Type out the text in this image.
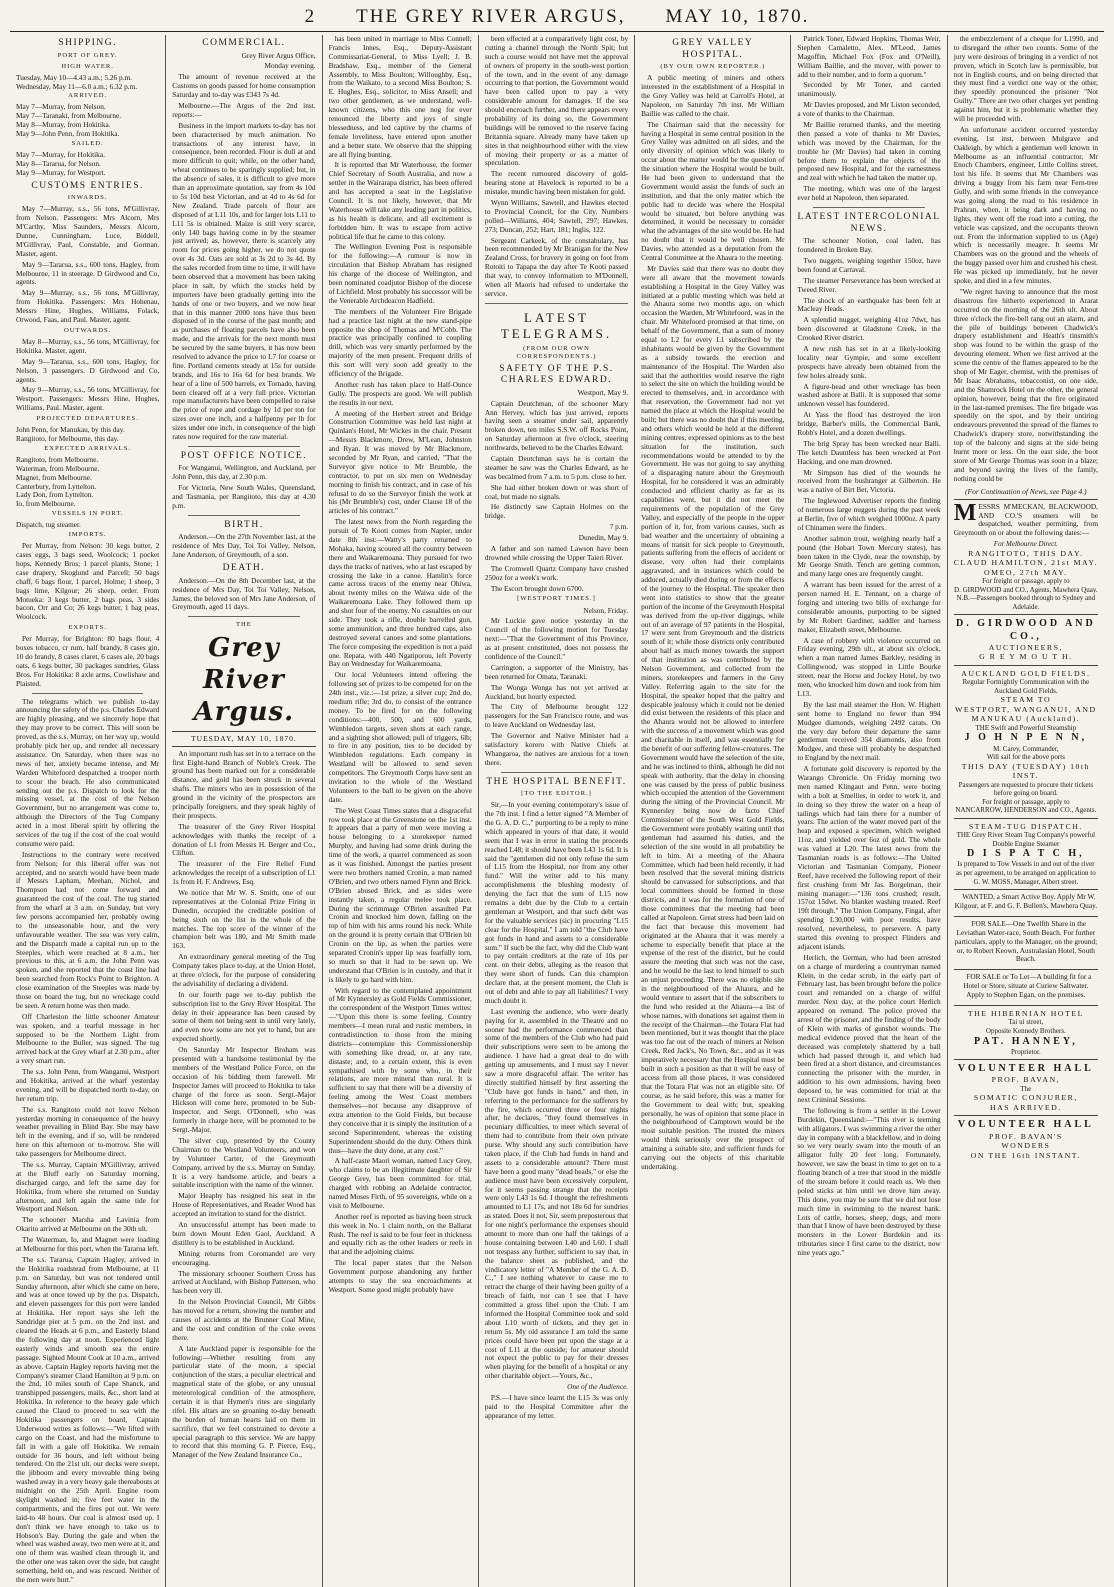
2 THE GREY RIVER ARGUS, MAY 10, 1870.
SHIPPING.
PORT OF GREY.
HIGH WATER.

Tuesday, May 10—4.43 a.m.; 5.26 p.m.

Wednesday, May 11—6.0 a.m.; 6.32 p.m.

ARRIVED.

May 7—Murray, from Nelson.

May 7—Taranaki, from Melbourne.

May 8—Murray, from Hokitika.

May 9—John Penn, from Hokitika.

SAILED.

May 7—Murray, for Hokitika.

May 8—Tararua, for Nelson.

May 9—Murray, for Westport.

CUSTOMS ENTRIES.
INWARDS.

May 7—Murray, s.s., 56 tons, M'Gillivray, from Nelson. Passengers: Mrs Alcorn, Mrs M'Carthy, Miss Saunders, Messrs Alcorn, Dunne, Cunningham, Luce, Biddell, M'Gillivray, Paul, Constable, and Gorman. Master, agent.

May 9—Tararua, s.s., 600 tons, Hagley, from Melbourne, 11 in steerage. D Girdwood and Co, agents.

May 9—Murray, s.s., 56 tons, M'Gillivray, from Hokitika. Passengers: Mrs Hohenau, Messrs Hine, Hughes, Williams, Folack, Orwood, Faas, and Paul. Master, agent.

OUTWARDS.

May 8—Murray, s.s., 56 tons, M'Gillivray, for Hokitika. Master, agent.

May 9—Tararua, s.s., 600 tons, Hagley, for Nelson, 3 passengers. D Girdwood and Co, agents.

May 9—Murray, s.s., 56 tons, M'Gillivray, for Westport. Passengers: Messrs Hine, Hughes, Williams, Paul. Master, agent.

PROJECTED DEPARTURES.

John Penn, for Manukau, by this day.

Rangitoto, for Melbourne, this day.

EXPECTED ARRIVALS.

Rangitoto, from Melbourne.

Waterman, from Melbourne.

Magnet, from Melbourne.

Canterbury, from Lyttelton.

Lady Don, from Lyttelton.

Io, from Melbourne.

VESSELS IN PORT.

Dispatch, tug steamer.

IMPORTS.

Per Murray, from Nelson: 30 kegs butter, 2 cases eggs, 3 bags seed, Woolcock; 1 pocket hops, Kennedy Bros; 1 parcel plants, Stone; 1 case drapery, Skoglund and Parcell; 50 bags chaff, 6 bags flour, 1 parcel, Holme; 1 sheep, 3 bags lime, Kilgour; 26 sheep, order. From Motueka: 3 kegs butter, 2 bags peas, 3 sides bacon, Orr and Co; 26 kegs butter, 1 bag peas, Woolcock.

EXPORTS.

Per Murray, for Brighton: 80 bags flour, 4 boxes tobacco, cr rum, half brandy, 8 cases gin, 10 do brandy, 8 cases claret, 6 cases ale, 20 bags oats, 6 kegs butter, 30 packages sundries, Glass Bros. For Hokitika: 8 axle arms, Cowlishaw and Plaisted.

The telegrams which we publish to-day announcing the safety of the p.s. Charles Edward are highly pleasing, and we sincerely hope that they may prove to be correct. This will soon be proved, as the s.s. Murray, on her way up, would probably pick her up, and render all necessary assistance. On Saturday, when there was no news of her, anxiety became intense, and Mr Warden Whitefoord despatched a trooper north to scour the beach. He also communicated sending out the p.s. Dispatch to look for the missing vessel, at the cost of the Nelson Government, but no arrangement was come to, although the Directors of the Tug Company acted in a most liberal spirit by offering the services of the tug if the cost of the coal would consume were paid.

Instructions to the contrary were received from Nelson; for this liberal offer was not accepted, and no search would have been made if Messrs Lapham, Meehan, Nichol, and Thompson had not come forward and guaranteed the cost of the coal. The tug started from the wharf at 3 a.m. on Sunday, but very few persons accompanied her, probably owing to the unseasonable hour, and the very unfavourable weather. The sea was very calm, and the Dispatch made a capital run up to the Steeples, which were reached at 8 a.m., her previous to this, at 6 a.m. the John Penn was spoken, and she reported that the coast line had been searched from Rock's Point to Brighton. A close examination of the Steeples was made by those on board the tug, but no wreckage could be seen. A return home was then made.

Off Charleston the little schooner Amateur was spoken, and a tearful message in her supposed to be the Northern Light from Melbourne to the Buller, was signed. The tug arrived back at the Grey wharf at 2.30 p.m., after a very smart run.

The s.s. John Penn, from Wanganui, Westport and Hokitika, arrived at the wharf yesterday evening, and will be dispatched north to-day, on her return trip.

The s.s. Rangitoto could not leave Nelson yesterday morning in consequence of the heavy weather prevailing in Blind Bay. She may have left in the evening, and if so, will be rendered here on this afternoon or to-morrow. She will take passengers for Melbourne direct.

The s.s. Murray, Captain M'Gillivray, arrived at the Bluff early on Saturday morning, discharged cargo, and left the same day for Hokitika, from where she returned on Sunday afternoon, and left again the same tide for Westport and Nelson.

The schooner Marsha and Lavinia from Okarito arrived at Melbourne on the 30th ult.

The Waterman, Io, and Magnet were loading at Melbourne for this port, when the Tararua left.

The s.s. Tararua, Captain Hagley, arrived in the Hokitika roadstead from Melbourne, at 11 p.m. on Saturday, but was not tendered until Sunday afternoon, after which she came on here, and was at once towed up by the p.s. Dispatch, and eleven passengers for this port were landed at Hokitika. Her report says she left the Sandridge pier at 5 p.m. on the 2nd inst. and cleared the Heads at 6 p.m., and Easterly Island the following day at noon. Experienced light easterly winds and smooth sea the entire passage. Sighted Mount Cook at 10 a.m., arrived as above. Captain Hagley reports having met the Company's steamer Claud Hamilton at 9 p.m. on the 2nd, 10 miles south of Cape Shanck, and transhipped passengers, mails, &c., short land at Hokitika. In reference to the heavy gale which caused the Claud to proceed to sea with the Hokitika passengers on board, Captain Underwood writes as follows:—"We lifted with cargo on the Coast, and had the misfortune to fall in with a gale off Hokitika. We remain outside for 36 hours, and left without being tendered. On the 21st ult. our decks were swept, the jibboom and every moveable thing being washed away in a very heavy gale thereabouts at midnight on the 25th April. Engine room skylight washed in; five feet water in the compartments, and the fires put out. We were laid-to 48 hours. Our coal is almost used up. I don't think we have enough to take us to Hobson's Bay. During the gale and when the wheel was washed away, two men were at it, and one of them was washed clean through it, and the other one was taken over the side, but caught something, held on, and was rescued. Neither of the men were hurt."

COMMERCIAL.

Grey River Argus Office,

Monday evening.

The amount of revenue received at the Customs on goods passed for home consumption Saturday and to-day was £343 7s 4d.

Melbourne.—The Argus of the 2nd inst. reports:—

Business in the import markets to-day has not been characterised by much animation. No transactions of any interest have, in consequence, been recorded. Flour is dull at and more difficult to quit; while, on the other hand, wheat continues to be sparingly supplied; but, in the absence of sales, it is difficult to give more than an approximate quotation, say from 4s 10d to 5s 10d best Victorian, and at 4d to 4s 6d for New Zealand. Trade parcels of flour are disposed of at L11 10s, and for larger lots L11 to L11 5s is obtained. Maize is still very scarce, only 140 bags having come in by the steamer just arrived; as, however, there is scarcely any room for prices going higher, we do not quote over 4s 3d. Oats are sold at 3s 2d to 3s 4d. By the sales recorded from time to time, it will have been observed that a movement has been taking place in salt, by which the stocks held by importers have been gradually getting into the hands of one or two buyers, and we now hear that in this manner 2000 tons have thus been disposed of in the course of the past month; and as purchases of floating parcels have also been made, and the arrivals for the next month must be secured by the same buyers, it has now been resolved to advance the price to L7 for coarse or fine. Portland cements steady at 15s for outside brands, and 16s to 16s 6d for best brands. We hear of a line of 500 barrels, ex Tornado, having been cleared off at a very full price. Victorian rope manufacturers have been compelled to raise the price of rope and cordage by 1d per ton for sizes over one inch, and a halfpenny per lb for sizes under one inch, in consequence of the high rates now required for the raw material.

POST OFFICE NOTICE.

For Wanganui, Wellington, and Auckland, per John Penn, this day, at 2.30 p.m.

For Victoria, New South Wales, Queensland, and Tasmania, per Rangitoto, this day at 4.30 p.m.

BIRTH.

Anderson.—On the 27th November last, at the residence of Mrs Day, Toi Toi Valley, Nelson, Jane Anderson, of Greymouth, of a son.

DEATH.

Anderson.—On the 8th December last, at the residence of Mrs Day, Toi Toi Valley, Nelson, James, the beloved son of Mrs Jane Anderson, of Greymouth, aged 11 days.

THE
Grey River Argus.
TUESDAY, MAY 10, 1870.

An important rush has set in to a terrace on the first Eight-hand Branch of Noble's Creek. The ground has been marked out for a considerable distance, and gold has been struck in several shafts. The miners who are in possession of the ground in the vicinity of the prospectors are principally foreigners, and they speak highly of their prospects.

The treasurer of the Grey River Hospital acknowledges with thanks the receipt of a donation of L1 from Messrs H. Berger and Co., Clifton.

The treasurer of the Fire Relief Fund acknowledges the receipt of a subscription of L1 1s from H. F. Andrews, Esq.

We notice that Mr W. S. Smith, one of our representatives at the Colonial Prize Firing in Dunedin, occupied the creditable position of being sixth on the list in the whole of the matches. The top score of the winner of the champion belt was 180, and Mr Smith made 163.

An extraordinary general meeting of the Tug Company takes place to-day, at the Union Hotel, at three o'clock, for the purpose of considering the advisability of declaring a dividend.

In our fourth page we to-day publish the subscription list to the Grey River Hospital. The delay in their appearance has been caused by some of them not being sent in until very lately, and even now some are not yet to hand, but are expected shortly.

On Saturday Mr Inspector Broham was presented with a handsome testimonial by the members of the Westland Police Force, on the occasion of his bidding them farewell. Mr Inspector James will proceed to Hokitika to take charge of the force as soon. Sergt.-Major Hickson will come here, promoted to be Sub-Inspector, and Sergt. O'Donnell, who was formerly in charge here, will be promoted to be Sergt.-Major.

The silver cup, presented by the County Chairman to the Westland Volunteers, and won by Volunteer Carter, of the Greymouth Company, arrived by the s.s. Murray on Sunday. It is a very handsome article, and bears a suitable inscription with the name of the winner.

Major Heaphy has resigned his seat in the House of Representatives, and Reader Wood has accepted an invitation to stand for the district.

An unsuccessful attempt has been made to burn down Mount Eden Gaol, Auckland. A distillery is to be established in Auckland.

Mining returns from Coromandel are very encouraging.

The missionary schooner Southern Cross has arrived at Auckland, with Bishop Patterson, who has been very ill.

In the Nelson Provincial Council, Mr Gibbs has moved for a return, showing the number and causes of accidents at the Brunner Coal Mine, and the cost and condition of the coke ovens there.

A late Auckland paper is responsible for the following:—Whether resulting from any particular state of the moon, a special conjunction of the stars, a peculiar electrical and magnetical state of the globe, or any unusual meteorological condition of the atmosphere, certain it is that Hymen's rites are singularly rifel. His altars are so groaning to-day beneath the burden of human hearts laid on them in sacrifice, that we feel constrained to devote a special paragraph to this service. We are happy to record that this morning G. P. Pierce, Esq., Manager of the New Zealand Insurance Co.,

has been united in marriage to Miss Connell; Francis Innes, Esq., Deputy-Assistant Commissariat-General, to Miss Lyell; J. B. Bradshaw, Esq., member of the General Assembly, to Miss Boulton; Willoughby, Esq., from the Waikato, to a second Miss Boulton; S. E. Hughes, Esq., solicitor, to Miss Ansell; and two other gentlemen, as we understand, well-known citizens, who this one nog for ever renounced the liberty and joys of single blessedness, and led captive by the charms of female loveliness, have entered upon another and a better state. We observe that the shipping are all flying bunting.

It is reported that Mr Waterhouse, the former Chief Secretary of South Australia, and now a settler in the Wairarapa district, has been offered and has accepted a seat in the Legislative Council. It is not likely, however, that Mr Waterhouse will take any leading part in politics, as his health is delicate, and all excitement is forbidden him. It was to escape from active political life that he came to this colony.

The Wellington Evening Post is responsible for the following:—A rumour is now in circulation that Bishop Abraham has resigned his charge of the diocese of Wellington, and been nominated coadjutor Bishop of the diocese of Lichfield. Most probably his successor will be the Venerable Archdeacon Hadfield.

The members of the Volunteer Fire Brigade had a practice last night at the new stand-pipe opposite the shop of Thomas and M'Cobb. The practice was principally confined to coupling drill, which was very smartly performed by the majority of the men present. Frequent drills of this sort will very soon add greatly to the efficiency of the Brigade.

Another rush has taken place to Half-Ounce Gully. The prospects are good. We will publish the results in our next.

A meeting of the Herbert street and Bridge Construction Committee was held last night at Quinlan's Hotel, Mr Wickes in the chair. Present—Messrs Blackmore, Drew, M'Lean, Johnston and Ryan. It was moved by Mr Blackmore, seconded by Mr Ryan, and carried, "That the Surveyor give notice to Mr Brumble, the contractor, to put on six men on Wednesday morning to finish his contract, and in case of his refusal to do so the Surveyor finish the work at his (Mr Brumble's) cost, under Clause 18 of the articles of his contract."

The latest news from the North regarding the pursuit of Te Kooti comes from Napier, under date 8th inst:—Watty's party returned to Mohaka, having scoured all the country between there and Waikaremoana. They pursued for two days the tracks of natives, who at last escaped by crossing the lake in a canoe. Hamlin's force came across traces of the enemy near Ohiwa, about twenty miles on the Waiwa side of the Waikaremoana Lake. They followed them up and shot four of the enemy. No casualties on our side. They took a rifle, double barrelled gun, some ammunition, and three hundred caps, also destroyed several canoes and some plantations. The force composing the expedition is not a paid one. Repata, with 440 Ngatiporou, left Poverty Bay on Wednesday for Waikaremoana.

Our local Volunteers intend offering the following set of prizes to be competed for on the 24th inst., viz.:—1st prize, a silver cup; 2nd do, medium rifle; 3rd do, to consist of the entrance money. To be fired for on the following conditions:—400, 500, and 600 yards, Wimbledon targets, seven shots at each range, and a sighting shot allowed; pull of triggers, 6lb; to fire in any position, ties to be decided by Wimbledon regulations. Each company in Westland will be allowed to send seven competitors. The Greymouth Corps have sent an invitation to the whole of the Westland Volunteers to the ball to be given on the above date.

The West Coast Times states that a disgraceful row took place at the Greenstone on the 1st inst. It appears that a party of men were moving a house belonging to a storekeeper named Murphy, and having had some drink during the time of the work, a quarrel commenced as soon as it was finished. Amongst the parties present were two brothers named Cronin, a man named O'Brien, and two others named Flynn and Brick. O'Brien abused Brick, and as sides were instantly taken, a regular melee took place. During the scrimmage O'Brien assaulted Pat Cronin and knocked him down, falling on the top of him with his arms round his neck. While on the ground it is pretty certain that O'Brien bit Cronin on the lip, as when the parties were separated Cronin's upper lip was fearfully torn, so much so that it had to be sewn up. We understand that O'Brien is in custody, and that it is likely to go hard with him.

With regard to the contemplated appointment of Mr Kynnersley as Gold Fields Commissioner, the correspondent of the Westport Times writes:—"Upon this there is some feeling. Country members—I mean rural and rustic members, in contradistinction to those from the mining districts—contemplate this Commissionership with something like dread, or, at any rate, distaste; and, to a certain extent, this is even sympathised with by some who, in their relations, are more mineral than rural. It is sufficient to say that there will be a diversity of feeling among the West Coast members themselves—not because any disapprove of extra attention to the Gold Fields, but because they conceive that it is simply the institution of a second Superintendent, whereas the existing Superintendent should do the duty. Others think thus—have the duty done, at any cost."

A half-caste Maori woman, named Lucy Grey, who claims to be an illegitimate daughter of Sir George Grey, has been committed for trial, charged with robbing an Adelaide contractor, named Moses Firth, of 95 sovereigns, while on a visit to Melbourne.

Another reef is reported as having been struck this week in No. 1 claim north, on the Ballarat Rush. The reef is said to be four feet in thickness and equally rich as the other leaders or reefs in that and the adjoining claims.

The local paper states that the Nelson Government purpose abandoning any further attempts to stay the sea encroachments at Westport. Some good might probably have

been effected at a comparatively light cost, by cutting a channel through the North Spit; but such a course would not have met the approval of owners of property in the south-west portion of the town, and in the event of any damage occurring to that portion, the Government would have been called upon to pay a very considerable amount for damages. If the sea should encroach further, and there appears every probability of its doing so, the Government buildings will be removed to the reserve facing Britannia square. Already many have taken up sites in that neighbourhood either with the view of moving their property or as a matter of speculation.

The recent rumoured discovery of gold-bearing stone at Havelock is reported to be a mistake, mundic having been mistaken for gold.

Wynn Williams, Sawtell, and Hawkes elected to Provincial Council, for the City. Numbers polled—Williams, 404; Sawtell, 297; Hawkes, 273; Duncan, 252; Hart, 181; Inglis, 122.

Sergeant Carkeek, of the constabulary, has been recommended by Mr Branigan for the New Zealand Cross, for bravery in going on foot from Rotoiti to Tapapa the day after Te Kooti passed that way, to convey information to M'Donnell, when all Maoris had refused to undertake the service.

LATEST TELEGRAMS.
(FROM OUR OWN CORRESPONDENTS.)
SAFETY OF THE P.S. CHARLES EDWARD.

Westport, May 9.

Captain Deutchman, of the schooner Mary Ann Hervey, which has just arrived, reports having seen a steamer under sail, apparently broken down, ten miles S.S.W. off Rocks Point, on Saturday afternoon at five o'clock, steering northwards, believed to be the Charles Edward.

Captain Deutchman says he is certain the steamer he saw was the Charles Edward, as he was becalmed from 7 a.m. to 5 p.m. close to her.

She had either broken down or was short of coal, but made no signals.

He distinctly saw Captain Holmes on the bridge.

7 p.m.

Dunedin, May 9.

A father and son named Lawson have been drowned while crossing the Upper Taieri River.

The Cromwell Quartz Company have crushed 250oz for a week's work.

The Escort brought down 6700.

[WESTPORT TIMES.]

Nelson, Friday.

Mr Luckie gave notice yesterday in the Council of the following motion for Tuesday next:—"That the Government of this Province, as at present constituted, does not possess the confidence of the Council."

Carrington, a supporter of the Ministry, has been returned for Omata, Taranaki.

The Wonga Wonga has not yet arrived at Auckland, but hourly expected.

The City of Melbourne brought 122 passengers for the San Francisco route, and was to leave Auckland on Wednesday last.

The Governor and Native Minister had a satisfactory korero with Native Chiefs at Whangaroa, the natives are anxious for a town there.

THE HOSPITAL BENEFIT.
[TO THE EDITOR.]

Sir,—In your evening contemporary's issue of the 7th inst. I find a letter signed "A Member of the G. A. D. C.," purporting to be a reply to mine which appeared in yours of that date, it would seem that I was in error in stating the proceeds reached L48; it should have been L43 1s 6d. It is said the "gentlemen did not only refuse the sum of L15 from the Hospital, nor from any other fund." Will the writer add to his many accomplishments the blushing modesty of denying the fact that the sum of L15 now remains a debt due by the Club to a certain gentleman at Westport, and that such debt was for the valuable services (sic) in procuring "L15 clear for the Hospital." I am told "the Club have got funds in hand and assets to a considerable sum." If such be the fact, why did the Club want to pay certain creditors at the rate of 10s per cent. on their debts, alleging as the reason that they were short of funds. Can this champion declare that, at the present moment, the Club is out of debt and able to pay all liabilities? I very much doubt it.

Last evening the audience, who were dearly paying for it, assembled in the Theatre and no sooner had the performance commenced than some of the members of the Club who had paid their subscriptions were seen to be among the audience. I have had a great deal to do with getting up amusements, and I must say I never saw a more disgraceful affair. The writer has directly stultified himself by first asserting the "Club have got funds in hand," and then, in referring to the performance for the sufferers by the fire, which occurred three or four nights after, he declares, "they found themselves in pecuniary difficulties, to meet which several of them had to contribute from their own private purse. Why should any such contribution have taken place, if the Club had funds in hand and assets to a considerable amount? There must have been a good many "dead heads," or else the audience must have been excessively corpulent, for it seems passing strange that the receipts were only L43 1s 6d. I thought the refreshments amounted to L1 17s, and not 18s 6d for sundries as stated. Does it not, Sir, seem preposterous that for one night's performance the expenses should amount to more than one half the takings of a house containing between L40 and L60. I shall not trespass any further, sufficient to say that, in the balance sheet as published, and the vindicatory letter of "A Member of the G. A. D. C.," I see nothing whatever to cause me to retract the charge of their having been guilty of a breach of faith, nor can I see that I have committed a gross libel upon the Club. I am informed the Hospital Committee took and sold about L10 worth of tickets, and they get in return 5s. My old assurance I am told the same prices could have been put upon the stage at a cost of L11 at the outside; for amateur should not expect the public to pay for their dresses when playing for the benefit of a hospital or any other charitable object.—Yours, &c.,

One of the Audience.

P.S.—I have since learnt the L15 3s was only paid to the Hospital Committee after the appearance of my letter.

GREY VALLEY HOSPITAL.
(BY OUR OWN REPORTER.)

A public meeting of miners and others interested in the establishment of a Hospital in the Grey Valley was held at Carroll's Hotel, at Napoleon, on Saturday 7th inst. Mr William Baillie was called to the chair.

The Chairman said that the necessity for having a Hospital in some central position in the Grey Valley was admitted on all sides, and the only diversity of opinion which was likely to occur about the matter would be the question of the situation where the Hospital would be built. He had been given to understand that the Government would assist the funds of such an institution, and that the only matter which the public had to decide was where the Hospital would be situated, but before anything was determined, it would be necessary to consider what the advantages of the site would be. He had no doubt that it would be well chosen. Mr Davies, who attended as a deputation from the Central Committee at the Ahaura to the meeting.

Mr Davies said that there was no doubt they were all aware that the movement towards establishing a Hospital in the Grey Valley was initiated at a public meeting which was held at the Ahaura some two months ago, on which occasion the Warden, Mr Whitefoord, was in the chair. Mr Whitefoord promised at that time, on behalf of the Government, that a sum of money equal to L2 for every L1 subscribed by the inhabitants would be given by the Government as a subsidy towards the erection and maintenance of the Hospital. The Warden also said that the authorities would reserve the right to select the site on which the building would be erected to themselves, and, in accordance with that reservation, the Government had not yet named the place at which the Hospital would be built; but there was no doubt that if this meeting, and others which would be held at the different mining centres, expressed opinions as to the best situation for the institution, such recommendations would be attended to by the Government. He was not going to say anything of a disparaging nature about the Greymouth Hospital, for he considered it was an admirably conducted and efficient charity as far as its capabilities went, but it did not meet the requirements of the population of the Grey Valley, and especially of the people in the upper portion of it, for, from various causes, such as bad weather and the uncertainty of obtaining a means of transit for sick people to Greymouth, patients suffering from the effects of accident or disease, very often had their complaints aggravated, and in instances which could be adduced, actually died during or from the effects of the journey to the Hospital. The speaker then went into statistics to show that the greater portion of the income of the Greymouth Hospital was derived from the up-river diggings, while out of an average of 97 patients in the Hospital, 17 were sent from Greymouth and the districts south of it; while those districts only contributed about half as much money towards the support of that institution as was contributed by the Nelson Government, and collected from the miners, storekeepers and farmers in the Grey Valley. Referring again to the site for the Hospital, the speaker hoped that the paltry and despicable jealousy which it could not be denied did exist between the residents of this place and the Ahaura would not be allowed to interfere with the success of a movement which was good and charitable in itself, and was essentially for the benefit of our suffering fellow-creatures. The Government would have the selection of the site, and he was inclined to think, although he did not speak with authority, that the delay in choosing one was caused by the press of public business which occupied the attention of the Government during the sitting of the Provincial Council. Mr Kynnersley being now de facto Chief Commissioner of the South West Gold Fields, the Government were probably waiting until that gentleman had assumed his duties, and the selection of the site would in all probability be left to him. At a meeting of the Ahaura Committee, which had been held recently, it had been resolved that the several mining districts should be canvassed for subscriptions, and that local committees should be formed in those districts, and it was for the formation of one of those committees that the meeting had been called at Napoleon. Great stress had been laid on the fact that because this movement had originated at the Ahaura that it was merely a scheme to especially benefit that place at the expense of the rest of the district, but he could assure the meeting that such was not the case, and he would be the last to lend himself to such an unjust proceeding. There was no eligible site in the neighbourhood of the Ahaura, and he would venture to assert that if the subscribers to the fund who resided at the Ahaura—a list of whose names, with donations set against them in the receipt of the Chairman—the Totara Flat had been mentioned, but it was thought that the place was too far out of the reach of miners at Nelson Creek, Red Jack's, No Town, &c., and as it was imperatively necessary that the Hospital must be built in such a position as that it will be easy of access from all those places, it was considered that the Totara Flat was not an eligible site. Of course, as he said before, this was a matter for the Government to deal with; but, speaking personally, he was of opinion that some place in the neighbourhood of Camptown would be the most suitable position. The trusted the miners would think seriously over the prospect of attaining a suitable site, and sufficient funds for carrying out the objects of this charitable undertaking.

Patrick Toner, Edward Hopkins, Thomas Weir, Stephen Camaletto, Alex. M'Leod, James Magoffin, Michael Fox (Fox and O'Neill), William Baillie, and the mover, with power to add to their number, and to form a quorum."

Seconded by Mr Toner, and carried unanimously.

Mr Davies proposed, and Mr Liston seconded, a vote of thanks to the Chairman.

Mr Baillie returned thanks, and the meeting then passed a vote of thanks to Mr Davies, which was moved by the Chairman, for the trouble he (Mr Davies) had taken in coming before them to explain the objects of the proposed new Hospital, and for the earnestness and zeal with which he had taken the matter up.

The meeting, which was one of the largest ever held at Napoleon, then separated.

LATEST INTERCOLONIAL NEWS.

The schooner Notion, coal laden, has foundered in Broken Bay.

Two nuggets, weighing together 150oz, have been found at Carraval.

The steamer Perseverance has been wrecked at Tweed River.

The shock of an earthquake has been felt at Macleay Heads.

A splendid nugget, weighing 41oz 7dwt, has been discovered at Gladstone Creek, in the Crooked River district.

A new rush has set in at a likely-looking locality near Gympie, and some excellent prospects have already been obtained from the few holes already sunk.

A figure-head and other wreckage has been washed ashore at Balli. It is supposed that some unknown vessel has foundered.

At Yass the flood has destroyed the iron bridge, Barber's mills, the Commercial Bank, Robb's Hotel, and a dozen dwellings.

The brig Spray has been wrecked near Balli. The ketch Dauntless has been wrecked at Port Hacking, and one man drowned.

Mr Simpson has died of the wounds he received from the bushranger at Gilberton. He was a native of Birt Bet, Victoria.

The Inglewood Advertiser reports the finding of numerous large nuggets during the past week at Berlin, five of which weighed 1000oz. A party of Chinamen were the finders.

Another salmon trout, weighing nearly half a pound (the Hobart Town Mercury states), has been taken in the Clyde, near the township, by Mr George Smith. Tench are getting common, and many large ones are frequently caught.

A warrant has been issued for the arrest of a person named H. E. Tennant, on a charge of forging and uttering two bills of exchange for considerable amounts, purporting to be signed by Mr Robert Gardiner, saddler and harness maker, Elizabeth street, Melbourne.

A case of robbery with violence occurred on Friday evening, 29th ult., at about six o'clock, when a man named James Barkley, residing in Collingwood, was stopped in Little Bourke street, near the Horse and Jockey Hotel, by two men, who knocked him down and took from him L13.

By the last mail steamer the Hon. W. Highett sent home to England no fewer than 994 Mudgee diamonds, weighing 2492 carats. On the very day before their departure the same gentleman received 354 diamonds, also from Mudgee, and these will probably be despatched to England by the next mail.

A fortunate gold discovery is reported by the Warango Chronicle. On Friday morning two men named Klingaut and Penn, were boring with a bolt at Smellies, in order to work it, and in doing so they threw the water on a heap of tailings which had lain there for a number of years. The action of the water moved part of the heap and exposed a specimen, which weighed 11oz, and yielded over 6oz of gold. The whole was valued at L20. The latest news from the Tasmanian roads is as follows:—The United Victorian and Tasmanian Company, Pioneer Reef, have received the following report of their first crushing from Mr Jas. Borgelman, their mining manager:—"136 tons crushed; result, 157oz 15dwt. No blanket washing treated. Reef 19ft through." The Union Company, Fingal, after spending L30,000 with poor results, have resolved, nevertheless, to persevere. A party started this evening to prospect Flinders and adjacent islands.

Herlich, the German, who had been arrested on a charge of murdering a countryman named Klein, in the cedar scrub, in the early part of February last, has been brought before the police court and remanded on a charge of wilful murder. Next day, at the police court Herlich appeared on remand. The police proved the arrest of the prisoner, and the finding of the body of Klein with marks of gunshot wounds. The medical evidence proved that the heart of the deceased was completely shattered by a ball which had passed through it, and which had been fired at a short distance, and circumstances connecting the prisoner with the murder, in addition to his own admissions, having been deposed to, he was committed for trial at the next Criminal Sessions.

The following is from a settler in the Lower Burdekin, Queensland:—"This river is teeming with alligators. I was swimming a river the other day in company with a blackfellow, and in doing so we very nearly swam into the mouth of an alligator fully 20 feet long. Fortunately, however, we saw the beast in time to get on to a floating branch of a tree that stood in the middle of the stream before it could reach us. We then poled sticks at him until we drove him away. This done, you may be sure that we did not lose much time in swimming to the nearest bank. Lots of cattle, horses, sheep, dogs, and more than that I know of have been destroyed by these monsters in the Lower Burdekin and its tributaries since I first came to the district, now nine years ago."

the embezzlement of a cheque for L1990, and to disregard the other two counts. Some of the jury were desirous of bringing in a verdict of not proven, which in Scotch law is permissible, but not in English courts, and on being directed that they must find a verdict one way or the other, they speedily pronounced the prisoner "Not Guilty." There are two other charges yet pending against him, but it is problematic whether they will be proceeded with.

An unfortunate accident occurred yesterday evening, 1st inst, between Mulgrave and Oakleigh, by which a gentleman well known in Melbourne as an influential contractor, Mr Enoch Chambers, engineer, Little Collins street, lost his life. It seems that Mr Chambers was driving a buggy from his farm near Fern-tree Gully, and with some friends in the conveyance was going along the road to his residence in Prahran, when, it being dark and having no lights, they went off the road into a cutting, the vehicle was capsized, and the occupants thrown out. From the information supplied to us (Age) which is necessarily meagre. It seems Mr Chambers was on the ground and the wheels of the buggy passed over him and crushed his chest. He was picked up immediately, but he never spoke, and died in a few minutes.

"We regret having to announce that the most disastrous fire hitherto experienced in Ararat occurred on the morning of the 26th ult. About three o'clock the fire-bell rang out an alarm, and the pile of buildings between Chadwick's drapery establishment and Heath's tinsmith's shop was found to be within the grasp of the devouring element. When we first arrived at the scene the centre of the flames appeared to be the shop of Mr Eager, chemist, with the premises of Mr Isaac Abrahams, tobacconist, on one side, and the Shamrock Hotel on the other, the general opinion, however, being that the fire originated in the last-named premises. The fire brigade was speedily on the spot, and by their untiring endeavours prevented the spread of the flames to Chadwick's drapery store, notwithstanding the top of the balcony and signs at the side being burnt more or less. On the east side, the boot store of Mr George Thomas was soon in a blaze; and beyond saving the lives of the family, nothing could be

(For Continuation of News, see Page 4.)

MESSRS M'MECKAN, BLACKWOOD, AND CO.'S steamers will be despatched, weather permitting, from Greymouth on or about the following dates:—

For Melbourne Direct.
RANGITOTO, THIS DAY.
CLAUD HAMILTON, 21st MAY.
OMEO, 27th MAY.
For freight or passage, apply to
D. GIRDWOOD and CO., Agents, Mawhera Quay.
N.B.—Passengers booked through to Sydney and Adelaide.
D. GIRDWOOD AND CO.,
AUCTIONEERS,
G R E Y M O U T H.
AUCKLAND GOLD FIELDS.
Regular Fortnightly Communication with the Auckland Gold Fields.
STEAM TO
WESTPORT, WANGANUI, AND MANUKAU (Auckland).
THE Swift and Powerful Steamship
J O H N P E N N,
M. Carey, Commander,
Will sail for the above ports
THIS DAY (TUESDAY) 10th INST.
Passengers are requested to procure their tickets before going on board.
For freight or passage, apply to
NANCARROW, HENDERSON and CO., Agents.
STEAM-TUG DISPATCH.
THE Grey River Steam Tug Company's powerful Double Engine Steamer
D I S P A T C H,
Is prepared to Tow Vessels in and out of the river as per agreement, to be arranged on application to
G. W. MOSS, Manager, Albert street.

WANTED, a Smart Active Boy. Apply Mr W. Kilgour, at F. and G. F. Bullen's, Mawhera Quay.

FOR SALE—One Twelfth Share in the Leviathan Water-race, South Beach. For further particulars, apply to the Manager, on the ground; or, to Robert Keown, Australasian Hotel, South Beach.

FOR SALE or To Let—A building fit for a Hotel or Store, situate at Curiew Saltwater. Apply to Stephen Egan, on the premises.

THE HIBERNIAN HOTEL
Tai ui street,
Opposite Kennedy Brothers.
PAT. HANNEY,
Proprietor.
VOLUNTEER HALL
PROF. BAVAN,
The
SOMATIC CONJURER,
HAS ARRIVED.
VOLUNTEER HALL
PROF. BAVAN'S
WONDERS
ON THE 16th INSTANT.
